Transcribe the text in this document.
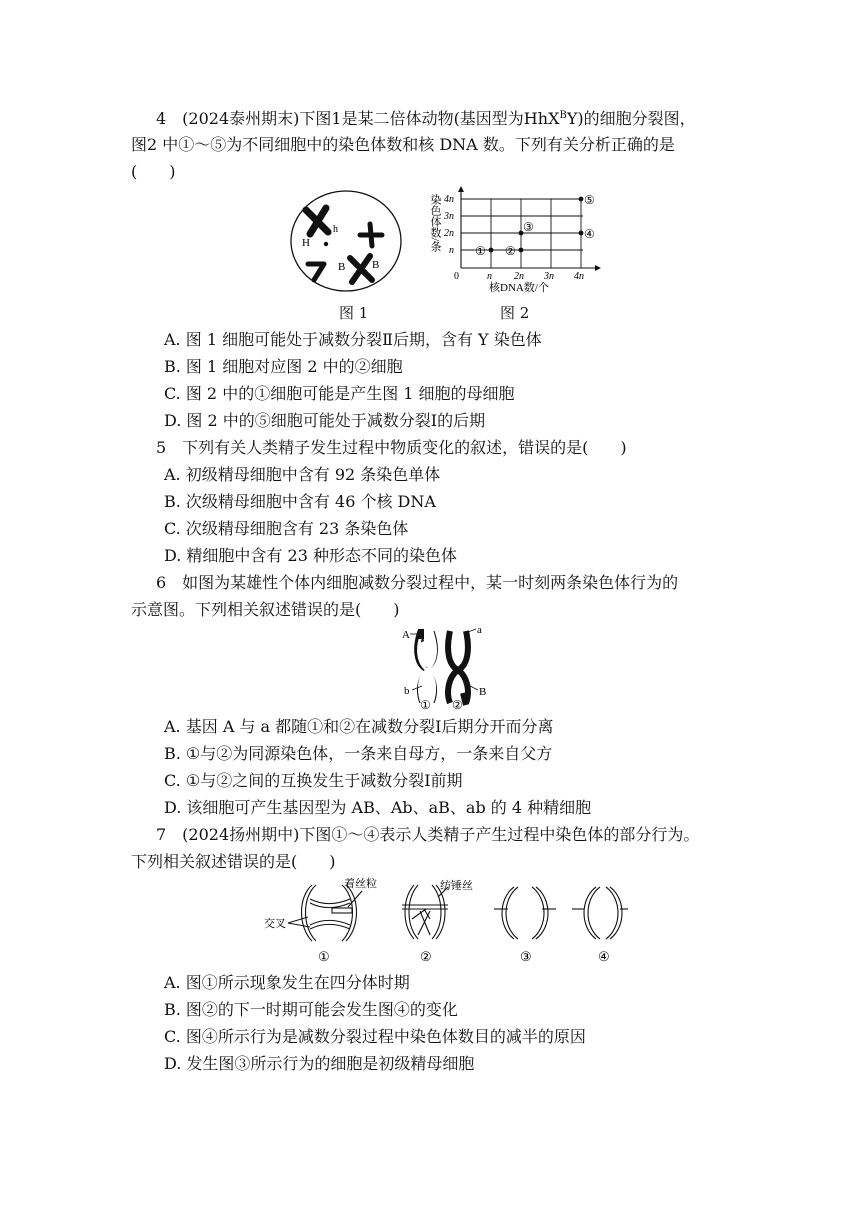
4　(2024泰州期末)下图1是某二倍体动物(基因型为HhX$^B$Y)的细胞分裂图，
图2 中①～⑤为不同细胞中的染色体数和核 DNA 数。下列有关分析正确的是
(　　)
H
h
B B
图 1
4n
3n
2n
n
0	n 2n 3n 4n
染色体数/条
核DNA数/个
① ②
③	④
⑤
图 2
A. 图 1 细胞可能处于减数分裂Ⅱ后期，含有 Y 染色体
B. 图 1 细胞对应图 2 中的②细胞
C. 图 2 中的①细胞可能是产生图 1 细胞的母细胞
D. 图 2 中的⑤细胞可能处于减数分裂Ⅰ的后期
5　下列有关人类精子发生过程中物质变化的叙述，错误的是(　　)
A. 初级精母细胞中含有 92 条染色单体
B. 次级精母细胞中含有 46 个核 DNA
C. 次级精母细胞含有 23 条染色体
D. 精细胞中含有 23 种形态不同的染色体
6　如图为某雄性个体内细胞减数分裂过程中，某一时刻两条染色体行为的
示意图。下列相关叙述错误的是(　　)
A	a
b	B
① ②
A. 基因 A 与 a 都随①和②在减数分裂Ⅰ后期分开而分离
B. ①与②为同源染色体，一条来自母方，一条来自父方
C. ①与②之间的互换发生于减数分裂Ⅰ前期
D. 该细胞可产生基因型为 AB、Ab、aB、ab 的 4 种精细胞
7　(2024扬州期中)下图①～④表示人类精子产生过程中染色体的部分行为。
下列相关叙述错误的是(　　)
着丝粒	纺锤丝
交叉
①	②	③	④
A. 图①所示现象发生在四分体时期
B. 图②的下一时期可能会发生图④的变化
C. 图④所示行为是减数分裂过程中染色体数目的减半的原因
D. 发生图③所示行为的细胞是初级精母细胞
